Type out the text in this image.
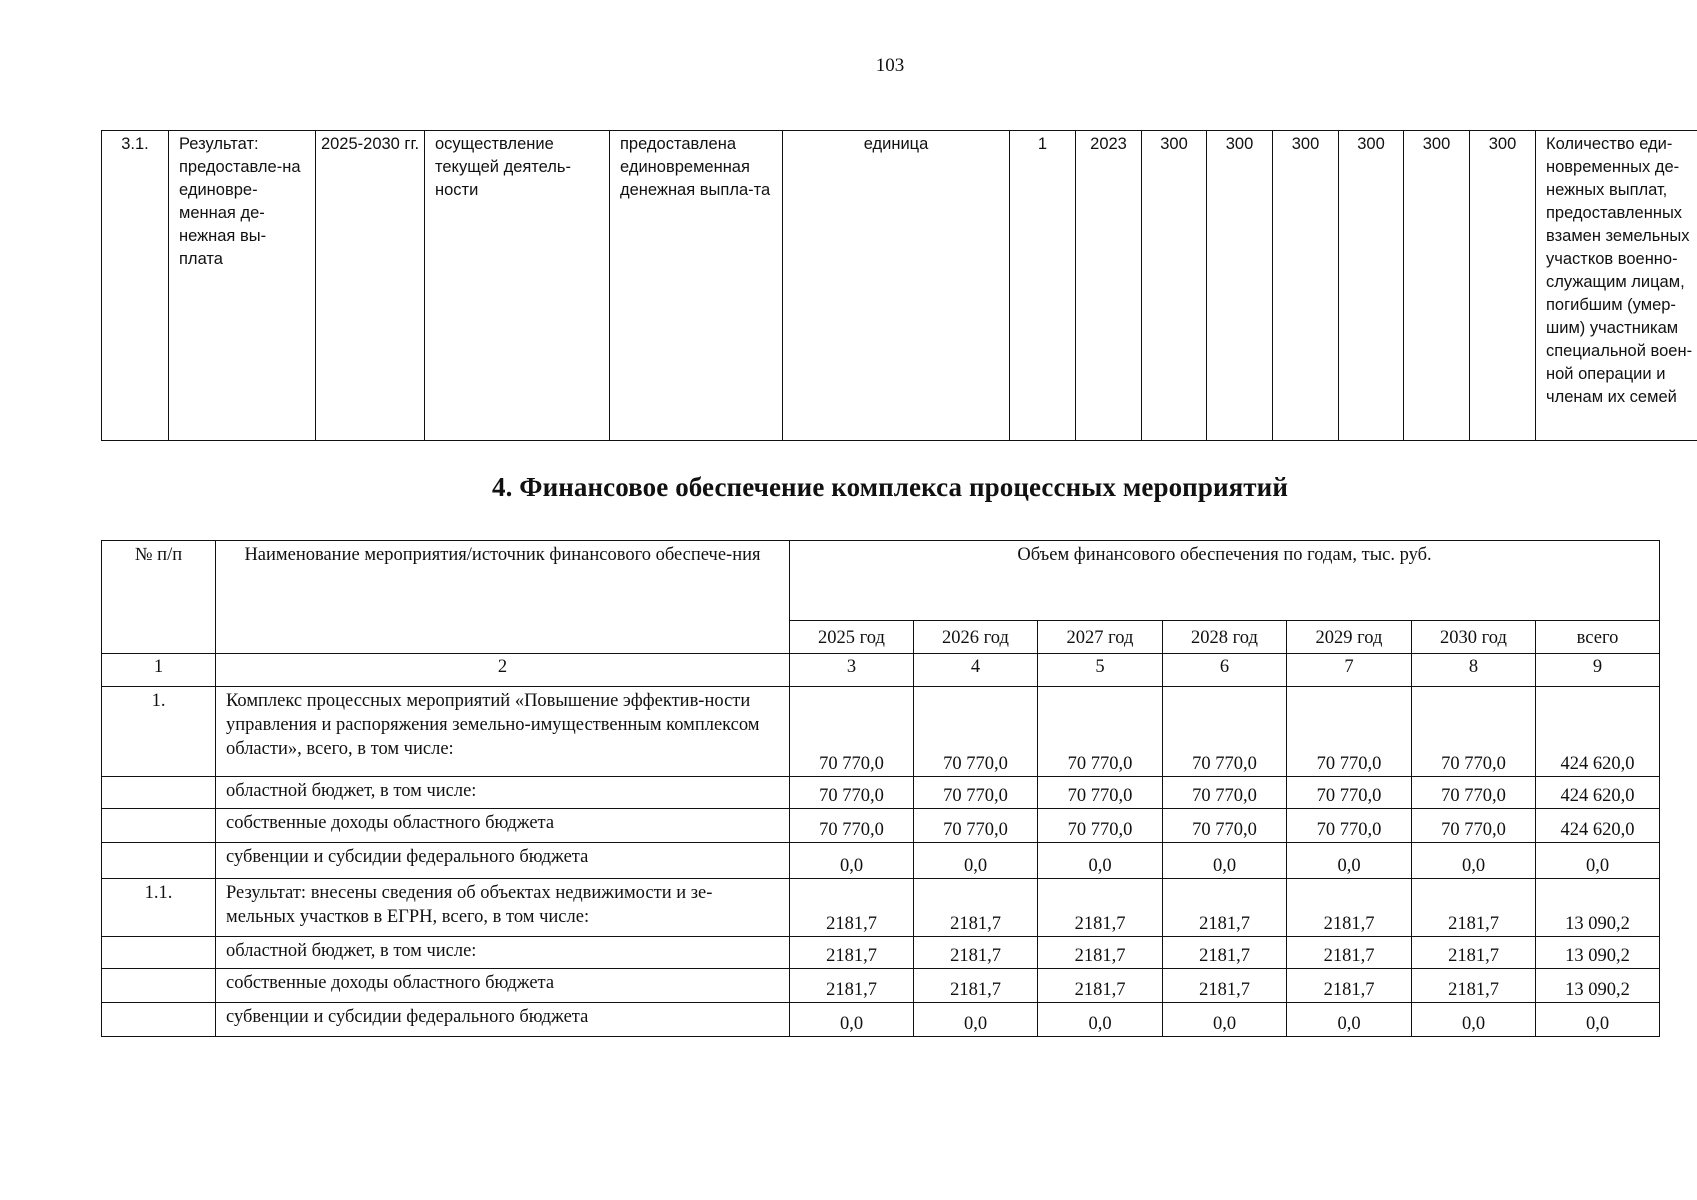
103
3.1.	Результат: предоставле-на единовре-менная де-нежная вы-плата	2025-2030 гг.	осуществление текущей деятель-ности	предоставлена единовременная денежная выпла-та	единица	1	2023	300	300	300	300	300	300	Количество еди-новременных де-нежных выплат, предоставленных взамен земельных участков военно-служащим лицам, погибшим (умер-шим) участникам специальной воен-ной операции и членам их семей
4. Финансовое обеспечение комплекса процессных мероприятий
№ п/п	Наименование мероприятия/источник финансового обеспече-ния	Объем финансового обеспечения по годам, тыс. руб.						
		2025 год	2026 год	2027 год	2028 год	2029 год	2030 год	всего
1	2	3	4	5	6	7	8	9
1.	Комплекс процессных мероприятий «Повышение эффектив-ности управления и распоряжения земельно-имущественным комплексом области», всего, в том числе:	70 770,0	70 770,0	70 770,0	70 770,0	70 770,0	70 770,0	424 620,0
	областной бюджет, в том числе:	70 770,0	70 770,0	70 770,0	70 770,0	70 770,0	70 770,0	424 620,0
	собственные доходы областного бюджета	70 770,0	70 770,0	70 770,0	70 770,0	70 770,0	70 770,0	424 620,0
	субвенции и субсидии федерального бюджета	0,0	0,0	0,0	0,0	0,0	0,0	0,0
1.1.	Результат: внесены сведения об объектах недвижимости и зе-мельных участков в ЕГРН, всего, в том числе:	2181,7	2181,7	2181,7	2181,7	2181,7	2181,7	13 090,2
	областной бюджет, в том числе:	2181,7	2181,7	2181,7	2181,7	2181,7	2181,7	13 090,2
	собственные доходы областного бюджета	2181,7	2181,7	2181,7	2181,7	2181,7	2181,7	13 090,2
	субвенции и субсидии федерального бюджета	0,0	0,0	0,0	0,0	0,0	0,0	0,0
